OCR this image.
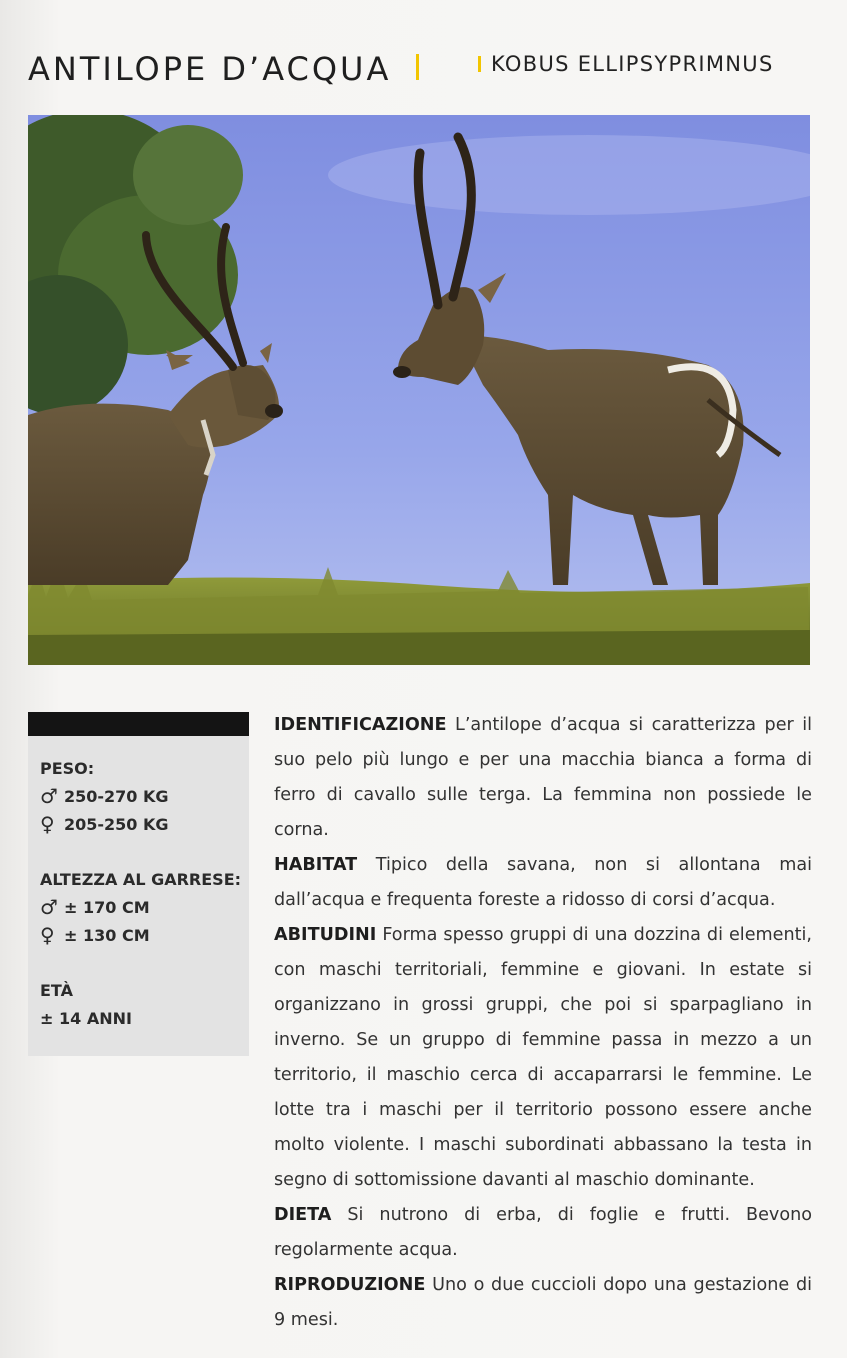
ANTILOPE D’ACQUA	KOBUS ELLIPSYPRIMNUS
PESO:
♂ 250-270 KG
♀ 205-250 KG
ALTEZZA AL GARRESE:
♂ ± 170 CM
♀ ± 130 CM
ETÀ
± 14 ANNI

IDENTIFICAZIONE L’antilope d’acqua si caratterizza per il suo pelo più lungo e per una macchia bianca a forma di ferro di cavallo sulle terga. La femmina non possiede le corna.

HABITAT Tipico della savana, non si allontana mai dall’acqua e frequenta foreste a ridosso di corsi d’acqua.

ABITUDINI Forma spesso gruppi di una dozzina di elementi, con maschi territoriali, femmine e giovani. In estate si organizzano in grossi gruppi, che poi si sparpagliano in inverno. Se un gruppo di femmine passa in mezzo a un territorio, il maschio cerca di accaparrarsi le femmine. Le lotte tra i maschi per il territorio possono essere anche molto violente. I maschi subordinati abbassano la testa in segno di sottomissione davanti al maschio dominante.

DIETA Si nutrono di erba, di foglie e frutti. Bevono regolarmente acqua.

RIPRODUZIONE Uno o due cuccioli dopo una gestazione di 9 mesi.
